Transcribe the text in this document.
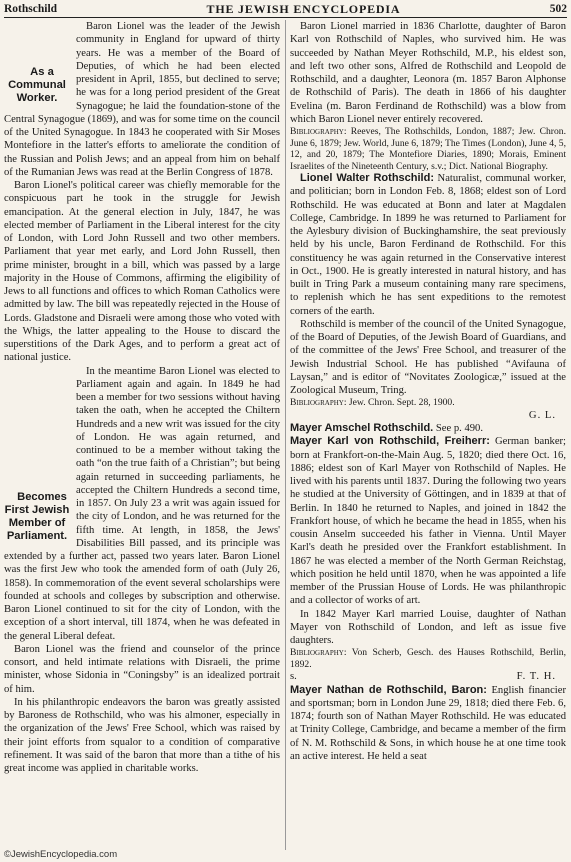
Rothschild	THE JEWISH ENCYCLOPEDIA	502

As a Communal Worker.
Baron Lionel was the leader of the Jewish community in England for upward of thirty years. He was a member of the Board of Deputies, of which he had been elected president in April, 1855, but declined to serve; he was for a long period president of the Great Synagogue; he laid the foundation-stone of the Central Synagogue (1869), and was for some time on the council of the United Synagogue. In 1843 he cooperated with Sir Moses Montefiore in the latter's efforts to ameliorate the condition of the Russian and Polish Jews; and an appeal from him on behalf of the Rumanian Jews was read at the Berlin Congress of 1878.

Baron Lionel's political career was chiefly memorable for the conspicuous part he took in the struggle for Jewish emancipation. At the general election in July, 1847, he was elected member of Parliament in the Liberal interest for the city of London, with Lord John Russell and two other members. Parliament that year met early, and Lord John Russell, then prime minister, brought in a bill, which was passed by a large majority in the House of Commons, affirming the eligibility of Jews to all functions and offices to which Roman Catholics were admitted by law. The bill was repeatedly rejected in the House of Lords. Gladstone and Disraeli were among those who voted with the Whigs, the latter appealing to the House to discard the superstitions of the Dark Ages, and to perform a great act of national justice.

Becomes First Jewish Member of Parliament.
In the meantime Baron Lionel was elected to Parliament again and again. In 1849 he had been a member for two sessions without having taken the oath, when he accepted the Chiltern Hundreds and a new writ was issued for the city of London. He was again returned, and continued to be a member without taking the oath “on the true faith of a Christian”; but being again returned in succeeding parliaments, he accepted the Chiltern Hundreds a second time, in 1857. On July 23 a writ was again issued for the city of London, and he was returned for the fifth time. At length, in 1858, the Jews' Disabilities Bill passed, and its principle was extended by a further act, passed two years later. Baron Lionel was the first Jew who took the amended form of oath (July 26, 1858). In commemoration of the event several scholarships were founded at schools and colleges by subscription and otherwise. Baron Lionel continued to sit for the city of London, with the exception of a short interval, till 1874, when he was defeated in the general Liberal defeat.

Baron Lionel was the friend and counselor of the prince consort, and held intimate relations with Disraeli, the prime minister, whose Sidonia in “Coningsby” is an idealized portrait of him.

In his philanthropic endeavors the baron was greatly assisted by Baroness de Rothschild, who was his almoner, especially in the organization of the Jews' Free School, which was raised by their joint efforts from squalor to a condition of comparative refinement. It was said of the baron that more than a tithe of his great income was applied in charitable works.

Baron Lionel married in 1836 Charlotte, daughter of Baron Karl von Rothschild of Naples, who survived him. He was succeeded by Nathan Meyer Rothschild, M.P., his eldest son, and left two other sons, Alfred de Rothschild and Leopold de Rothschild, and a daughter, Leonora (m. 1857 Baron Alphonse de Rothschild of Paris). The death in 1866 of his daughter Evelina (m. Baron Ferdinand de Rothschild) was a blow from which Baron Lionel never entirely recovered.

Bibliography: Reeves, The Rothschilds, London, 1887; Jew. Chron. June 6, 1879; Jew. World, June 6, 1879; The Times (London), June 4, 5, 12, and 20, 1879; The Montefiore Diaries, 1890; Morais, Eminent Israelites of the Nineteenth Century, s.v.; Dict. National Biography.

Lionel Walter Rothschild: Naturalist, communal worker, and politician; born in London Feb. 8, 1868; eldest son of Lord Rothschild. He was educated at Bonn and later at Magdalen College, Cambridge. In 1899 he was returned to Parliament for the Aylesbury division of Buckinghamshire, the seat previously held by his uncle, Baron Ferdinand de Rothschild. For this constituency he was again returned in the Conservative interest in Oct., 1900. He is greatly interested in natural history, and has built in Tring Park a museum containing many rare specimens, to replenish which he has sent expeditions to the remotest corners of the earth.

Rothschild is member of the council of the United Synagogue, of the Board of Deputies, of the Jewish Board of Guardians, and of the committee of the Jews' Free School, and treasurer of the Jewish Industrial School. He has published “Avifauna of Laysan,” and is editor of “Novitates Zoologicæ,” issued at the Zoological Museum, Tring.

Bibliography: Jew. Chron. Sept. 28, 1900.

G. L.

Mayer Amschel Rothschild. See p. 490.

Mayer Karl von Rothschild, Freiherr: German banker; born at Frankfort-on-the-Main Aug. 5, 1820; died there Oct. 16, 1886; eldest son of Karl Mayer von Rothschild of Naples. He lived with his parents until 1837. During the following two years he studied at the University of Göttingen, and in 1839 at that of Berlin. In 1840 he returned to Naples, and joined in 1842 the Frankfort house, of which he became the head in 1855, when his cousin Anselm succeeded his father in Vienna. Until Mayer Karl's death he presided over the Frankfort establishment. In 1867 he was elected a member of the North German Reichstag, which position he held until 1870, when he was appointed a life member of the Prussian House of Lords. He was philanthropic and a collector of works of art.

In 1842 Mayer Karl married Louise, daughter of Nathan Mayer von Rothschild of London, and left as issue five daughters.

Bibliography: Von Scherb, Gesch. des Hauses Rothschild, Berlin, 1892.

s.	F. T. H.

Mayer Nathan de Rothschild, Baron: English financier and sportsman; born in London June 29, 1818; died there Feb. 6, 1874; fourth son of Nathan Mayer Rothschild. He was educated at Trinity College, Cambridge, and became a member of the firm of N. M. Rothschild & Sons, in which house he at one time took an active interest. He held a seat

©JewishEncyclopedia.com
